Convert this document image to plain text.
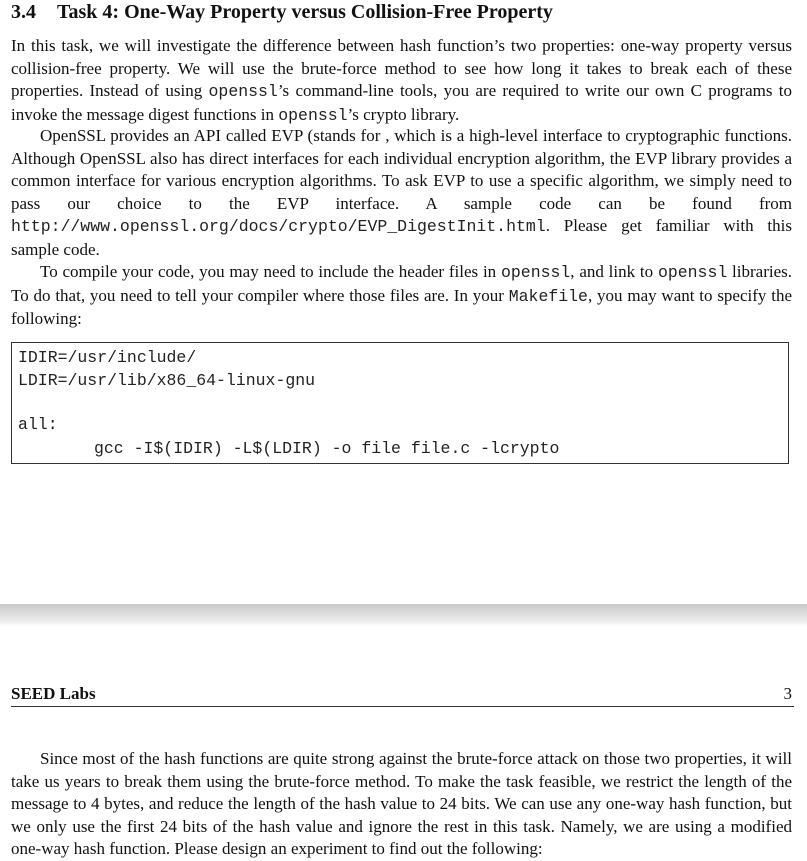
3.4 Task 4: One-Way Property versus Collision-Free Property

In this task, we will investigate the difference between hash function’s two properties: one-way property versus collision-free property. We will use the brute-force method to see how long it takes to break each of these properties. Instead of using openssl’s command-line tools, you are required to write our own C programs to invoke the message digest functions in openssl’s crypto library.

OpenSSL provides an API called EVP (stands for , which is a high-level interface to cryptographic functions. Although OpenSSL also has direct interfaces for each individual encryption algorithm, the EVP library provides a common interface for various encryption algorithms. To ask EVP to use a specific algorithm, we simply need to pass our choice to the EVP interface. A sample code can be found from http://www.openssl.org/docs/crypto/EVP_DigestInit.html. Please get familiar with this sample code.

To compile your code, you may need to include the header files in openssl, and link to openssl libraries. To do that, you need to tell your compiler where those files are. In your Makefile, you may want to specify the following:

IDIR=/usr/include/
LDIR=/usr/lib/x86_64-linux-gnu
all:
gcc -I$(IDIR) -L$(LDIR) -o file file.c -lcrypto
SEED Labs	3

Since most of the hash functions are quite strong against the brute-force attack on those two properties, it will take us years to break them using the brute-force method. To make the task feasible, we restrict the length of the message to 4 bytes, and reduce the length of the hash value to 24 bits. We can use any one-way hash function, but we only use the first 24 bits of the hash value and ignore the rest in this task. Namely, we are using a modified one-way hash function. Please design an experiment to find out the following:
